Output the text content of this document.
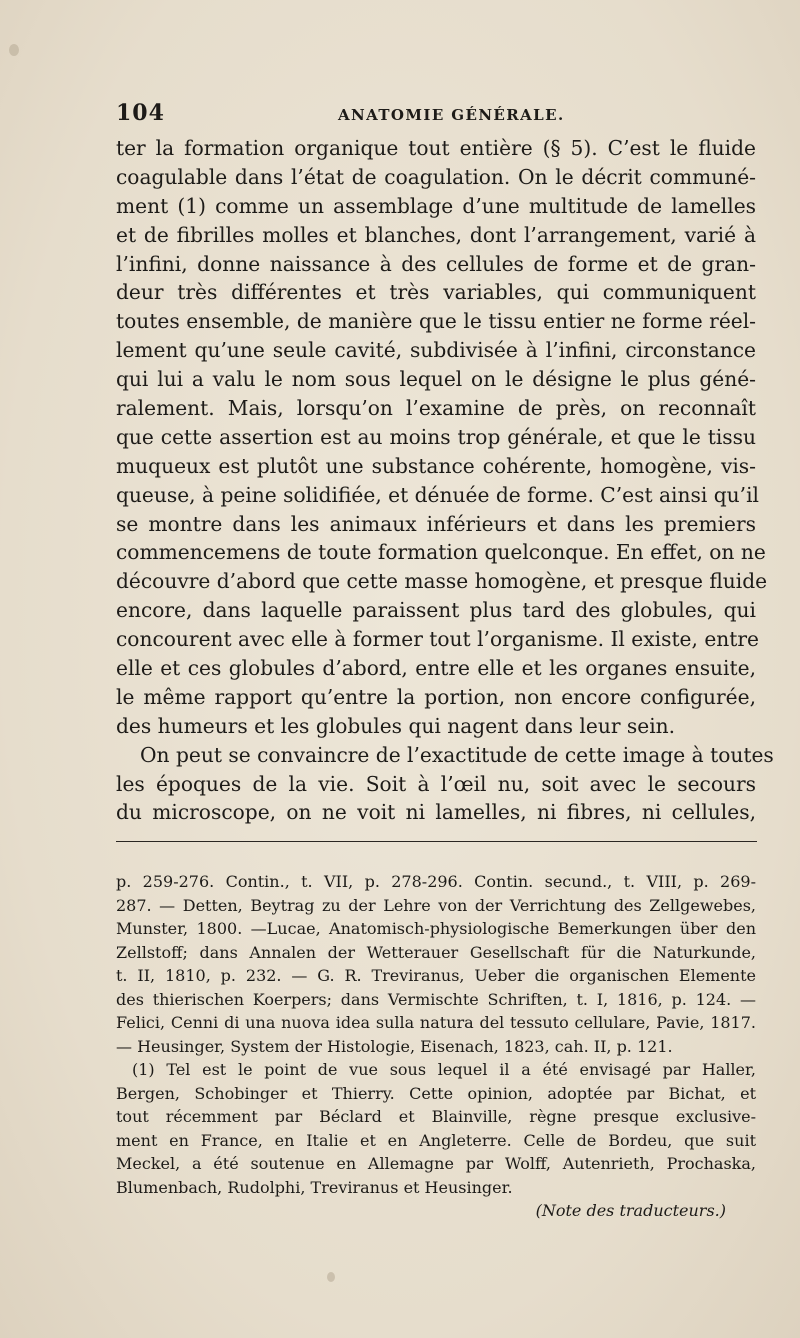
104	ANATOMIE GÉNÉRALE.
ter la formation organique tout entière (§ 5). C’est le fluide
coagulable dans l’état de coagulation. On le décrit communé-
ment (1) comme un assemblage d’une multitude de lamelles
et de fibrilles molles et blanches, dont l’arrangement, varié à
l’infini, donne naissance à des cellules de forme et de gran-
deur très différentes et très variables, qui communiquent
toutes ensemble, de manière que le tissu entier ne forme réel-
lement qu’une seule cavité, subdivisée à l’infini, circonstance
qui lui a valu le nom sous lequel on le désigne le plus géné-
ralement. Mais, lorsqu’on l’examine de près, on reconnaît
que cette assertion est au moins trop générale, et que le tissu
muqueux est plutôt une substance cohérente, homogène, vis-
queuse, à peine solidifiée, et dénuée de forme. C’est ainsi qu’il
se montre dans les animaux inférieurs et dans les premiers
commencemens de toute formation quelconque. En effet, on ne
découvre d’abord que cette masse homogène, et presque fluide
encore, dans laquelle paraissent plus tard des globules, qui
concourent avec elle à former tout l’organisme. Il existe, entre
elle et ces globules d’abord, entre elle et les organes ensuite,
le même rapport qu’entre la portion, non encore configurée,
des humeurs et les globules qui nagent dans leur sein.
On peut se convaincre de l’exactitude de cette image à toutes
les époques de la vie. Soit à l’œil nu, soit avec le secours
du microscope, on ne voit ni lamelles, ni fibres, ni cellules,
p. 259-276. Contin., t. VII, p. 278-296. Contin. secund., t. VIII, p. 269-
287. — Detten, Beytrag zu der Lehre von der Verrichtung des Zellgewebes,
Munster, 1800. —Lucae, Anatomisch-physiologische Bemerkungen über den
Zellstoff; dans Annalen der Wetterauer Gesellschaft für die Naturkunde,
t. II, 1810, p. 232. — G. R. Treviranus, Ueber die organischen Elemente
des thierischen Koerpers; dans Vermischte Schriften, t. I, 1816, p. 124. —
Felici, Cenni di una nuova idea sulla natura del tessuto cellulare, Pavie, 1817.
— Heusinger, System der Histologie, Eisenach, 1823, cah. II, p. 121.
(1) Tel est le point de vue sous lequel il a été envisagé par Haller,
Bergen, Schobinger et Thierry. Cette opinion, adoptée par Bichat, et
tout récemment par Béclard et Blainville, règne presque exclusive-
ment en France, en Italie et en Angleterre. Celle de Bordeu, que suit
Meckel, a été soutenue en Allemagne par Wolff, Autenrieth, Prochaska,
Blumenbach, Rudolphi, Treviranus et Heusinger.
(Note des traducteurs.)
